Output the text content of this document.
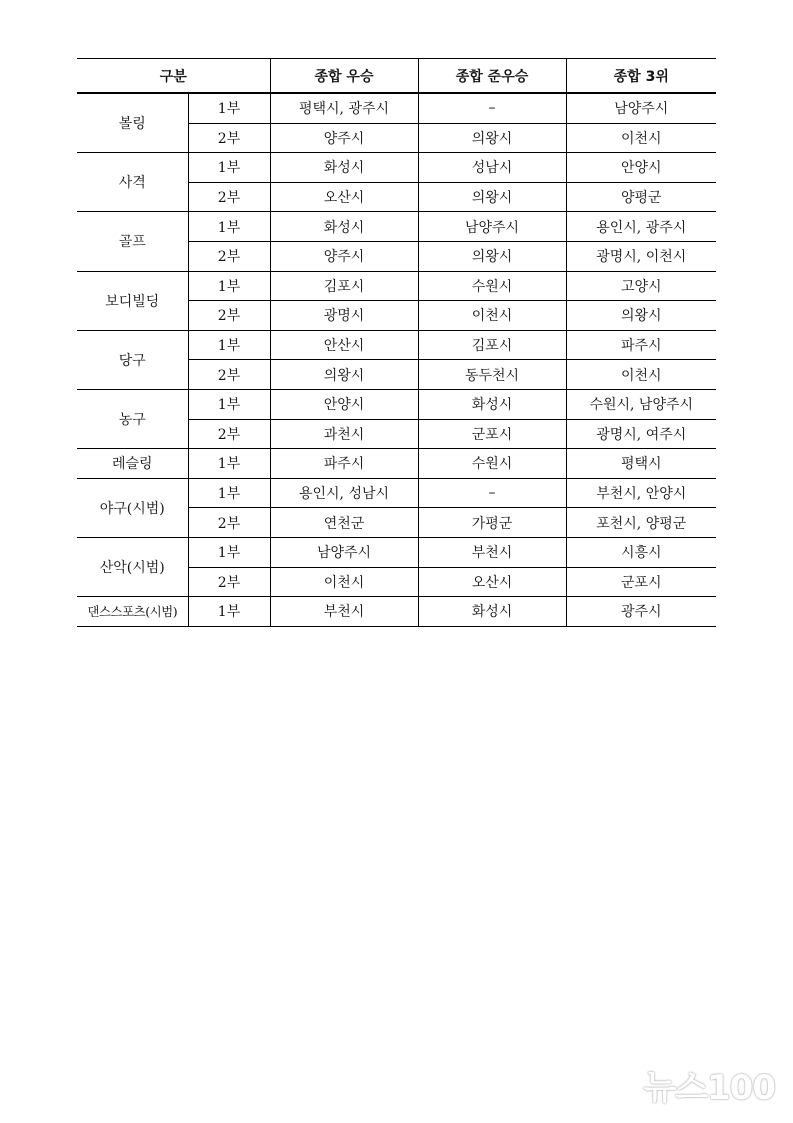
구분		종합 우승	종합 준우승	종합 3위
볼링	1부	평택시, 광주시	–	남양주시
	2부	양주시	의왕시	이천시
사격	1부	화성시	성남시	안양시
	2부	오산시	의왕시	양평군
골프	1부	화성시	남양주시	용인시, 광주시
	2부	양주시	의왕시	광명시, 이천시
보디빌딩	1부	김포시	수원시	고양시
	2부	광명시	이천시	의왕시
당구	1부	안산시	김포시	파주시
	2부	의왕시	동두천시	이천시
농구	1부	안양시	화성시	수원시, 남양주시
	2부	과천시	군포시	광명시, 여주시
레슬링	1부	파주시	수원시	평택시
야구(시범)	1부	용인시, 성남시	–	부천시, 안양시
	2부	연천군	가평군	포천시, 양평군
산악(시범)	1부	남양주시	부천시	시흥시
	2부	이천시	오산시	군포시
댄스스포츠(시범)	1부	부천시	화성시	광주시
뉴스100
